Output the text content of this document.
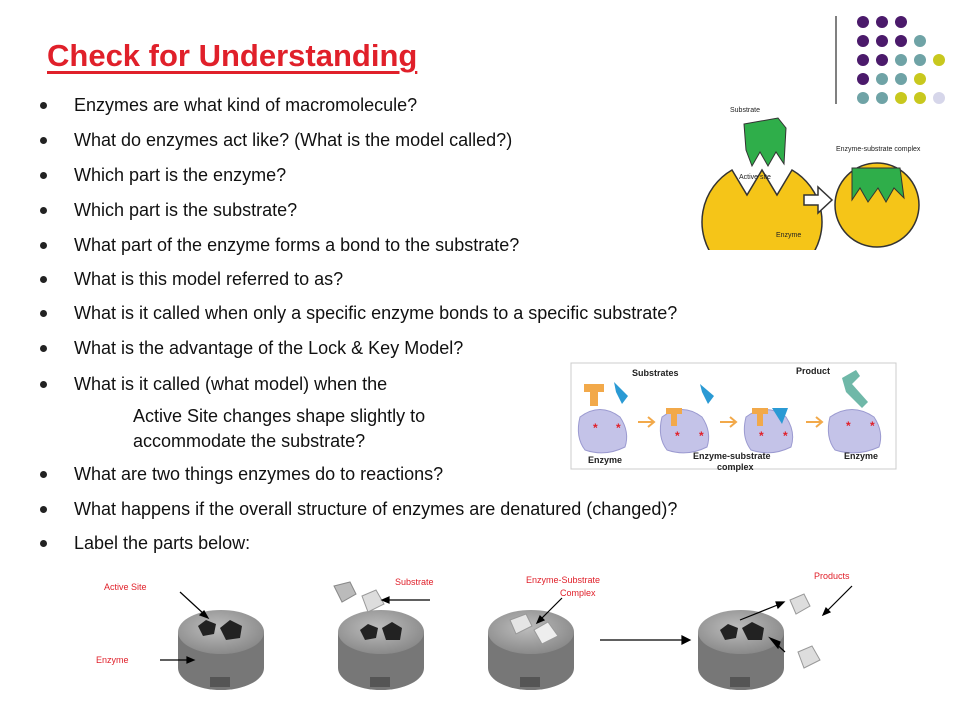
Check for Understanding
Enzymes are what kind of macromolecule?
What do enzymes act like? (What is the model called?)
Which part is the enzyme?
Which part is the substrate?
What part of the enzyme forms a bond to the substrate?
What is this model referred to as?
What is it called when only a specific enzyme bonds to a specific substrate?
What is the advantage of the Lock & Key Model?
What is it called (what model) when the
What are two things enzymes do to reactions?
What happens if the overall structure of enzymes are denatured (changed)?
Label the parts below:
Active Site changes shape slightly to
accommodate the substrate?
Substrate
Active site
Enzyme
Enzyme-substrate complex
Substrates	Product
Enzyme	Enzyme-substrate
complex
Enzyme
* *
* *	* *
* *
Active Site
Enzyme
Substrate	Enzyme-Substrate
Complex
Products
